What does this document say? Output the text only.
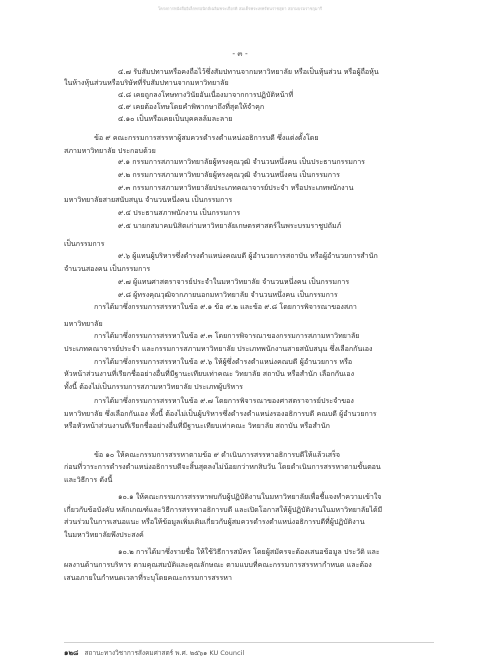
โครงการหนังสืออิเล็กทรอนิกส์เฉลิมพระเกียรติ สมเด็จพระเทพรัตนราชสุดา สยามบรมราชกุมารี
- ๓ -
๔.๗ รับสัมปทานหรือคงถือไว้ซึ่งสัมปทานจากมหาวิทยาลัย หรือเป็นหุ้นส่วน หรือผู้ถือหุ้น
ในห้างหุ้นส่วนหรือบริษัทที่รับสัมปทานจากมหาวิทยาลัย
๔.๘ เคยถูกลงโทษทางวินัยอันเนื่องมาจากการปฏิบัติหน้าที่
๔.๙ เคยต้องโทษโดยคำพิพากษาถึงที่สุดให้จำคุก
๔.๑๐ เป็นหรือเคยเป็นบุคคลล้มละลาย
ข้อ ๙ คณะกรรมการสรรหาผู้สมควรดำรงตำแหน่งอธิการบดี ซึ่งแต่งตั้งโดย
สภามหาวิทยาลัย ประกอบด้วย
๙.๑ กรรมการสภามหาวิทยาลัยผู้ทรงคุณวุฒิ จำนวนหนึ่งคน เป็นประธานกรรมการ
๙.๒ กรรมการสภามหาวิทยาลัยผู้ทรงคุณวุฒิ จำนวนหนึ่งคน เป็นกรรมการ
๙.๓ กรรมการสภามหาวิทยาลัยประเภทคณาจารย์ประจำ หรือประเภทพนักงาน
มหาวิทยาลัยสายสนับสนุน จำนวนหนึ่งคน เป็นกรรมการ
๙.๔ ประธานสภาพนักงาน เป็นกรรมการ
๙.๕ นายกสมาคมนิสิตเก่ามหาวิทยาลัยเกษตรศาสตร์ในพระบรมราชูปถัมภ์
เป็นกรรมการ
๙.๖ ผู้แทนผู้บริหารซึ่งดำรงตำแหน่งคณบดี ผู้อำนวยการสถาบัน หรือผู้อำนวยการสำนัก
จำนวนสองคน เป็นกรรมการ
๙.๗ ผู้แทนศาสตราจารย์ประจำในมหาวิทยาลัย จำนวนหนึ่งคน เป็นกรรมการ
๙.๘ ผู้ทรงคุณวุฒิจากภายนอกมหาวิทยาลัย จำนวนหนึ่งคน เป็นกรรมการ
การได้มาซึ่งกรรมการสรรหาในข้อ ๙.๑ ข้อ ๙.๒ และข้อ ๙.๘ โดยการพิจารณาของสภา
มหาวิทยาลัย
การได้มาซึ่งกรรมการสรรหาในข้อ ๙.๓ โดยการพิจารณาของกรรมการสภามหาวิทยาลัย
ประเภทคณาจารย์ประจำ และกรรมการสภามหาวิทยาลัย ประเภทพนักงานสายสนับสนุน ซึ่งเลือกกันเอง
การได้มาซึ่งกรรมการสรรหาในข้อ ๙.๖ ให้ผู้ซึ่งดำรงตำแหน่งคณบดี ผู้อำนวยการ หรือ
หัวหน้าส่วนงานที่เรียกชื่ออย่างอื่นที่มีฐานะเทียบเท่าคณะ วิทยาลัย สถาบัน หรือสำนัก เลือกกันเอง
ทั้งนี้ ต้องไม่เป็นกรรมการสภามหาวิทยาลัย ประเภทผู้บริหาร
การได้มาซึ่งกรรมการสรรหาในข้อ ๙.๗ โดยการพิจารณาของศาสตราจารย์ประจำของ
มหาวิทยาลัย ซึ่งเลือกกันเอง ทั้งนี้ ต้องไม่เป็นผู้บริหารซึ่งดำรงตำแหน่งรองอธิการบดี คณบดี ผู้อำนวยการ
หรือหัวหน้าส่วนงานที่เรียกชื่ออย่างอื่นที่มีฐานะเทียบเท่าคณะ วิทยาลัย สถาบัน หรือสำนัก
ข้อ ๑๐ ให้คณะกรรมการสรรหาตามข้อ ๙ ดำเนินการสรรหาอธิการบดีให้แล้วเสร็จ
ก่อนที่วาระการดำรงตำแหน่งอธิการบดีจะสิ้นสุดลงไม่น้อยกว่าหกสิบวัน โดยดำเนินการสรรหาตามขั้นตอน
และวิธีการ ดังนี้
๑๐.๑ ให้คณะกรรมการสรรหาพบกับผู้ปฏิบัติงานในมหาวิทยาลัยเพื่อชี้แจงทำความเข้าใจ
เกี่ยวกับข้อบังคับ หลักเกณฑ์และวิธีการสรรหาอธิการบดี และเปิดโอกาสให้ผู้ปฏิบัติงานในมหาวิทยาลัยได้มี
ส่วนร่วมในการเสนอแนะ หรือให้ข้อมูลเพิ่มเติมเกี่ยวกับผู้สมควรดำรงตำแหน่งอธิการบดีที่ผู้ปฏิบัติงาน
ในมหาวิทยาลัยพึงประสงค์
๑๐.๒ การได้มาซึ่งรายชื่อ ให้ใช้วิธีการสมัคร โดยผู้สมัครจะต้องเสนอข้อมูล ประวัติ และ
ผลงานด้านการบริหาร ตามคุณสมบัติและคุณลักษณะ ตามแบบที่คณะกรรมการสรรหากำหนด และต้อง
เสนอภายในกำหนดเวลาที่ระบุโดยคณะกรรมการสรรหา
๑๒๘ สถานะทางวิชาการสังคมศาสตร์ พ.ศ. ๒๕๖๑ KU Council
